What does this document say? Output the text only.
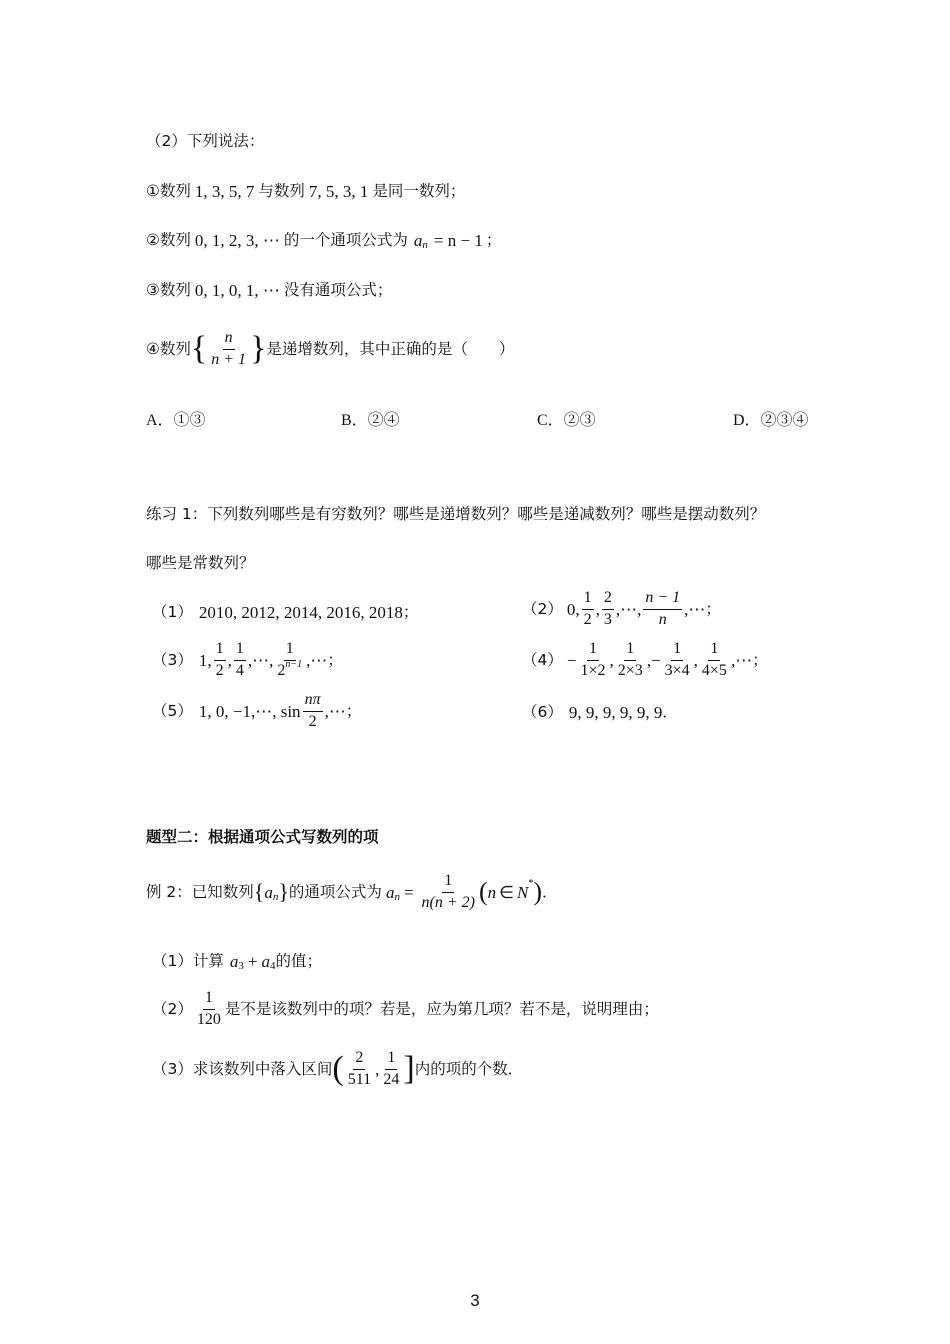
（2）下列说法：
①数列 1, 3, 5, 7 与数列 7, 5, 3, 1 是同一数列；
②数列 0, 1, 2, 3, ⋯ 的一个通项公式为 a n = n − 1 ；
③数列 0, 1, 0, 1, ⋯ 没有通项公式；
④数列 { $\frac{n}{n + 1}$ } 是递增数列，其中正确的是（　　）
A．①③	B．②④	C．②③	D．②③④
练习 1：下列数列哪些是有穷数列？哪些是递增数列？哪些是递减数列？哪些是摆动数列？
哪些是常数列？
（1） 2010, 2012, 2014, 2016, 2018 ；	（2） 0, $\frac{1}{2}$ , $\frac{2}{3}$ ,⋯, $\frac{n - 1}{n}$ ,⋯ ；
（3） 1, $\frac{1}{2}$ , $\frac{1}{4}$ ,⋯, $\frac{1}{2^{n-1}}$ ,⋯ ；	$(4) - \frac{1}{1\times 2}$ , $\frac{1}{2\times 3}$ ,− $\frac{1}{3\times 4}$ , $\frac{1}{4\times 5}$ ,⋯ ；
（5） 1, 0, −1,⋯, $\sin \frac{n\pi}{2}$ ,⋯ ；	（6） 9, 9, 9, 9, 9, 9 ．
题型二：根据通项公式写数列的项
例 2：已知数列 { a n } 的通项公式为 a $n = \frac{1}{n(n + 2)}$ ( n ∈ N * ) ．
（1）计算 a 3 + a 4 的值；
$(2) \frac{1}{120}$ 是不是该数列中的项？若是，应为第几项？若不是，说明理由；
（3）求该数列中落入区间 ( $\frac{2}{511}$ , $\frac{1}{24}$ ] 内的项的个数．
3
